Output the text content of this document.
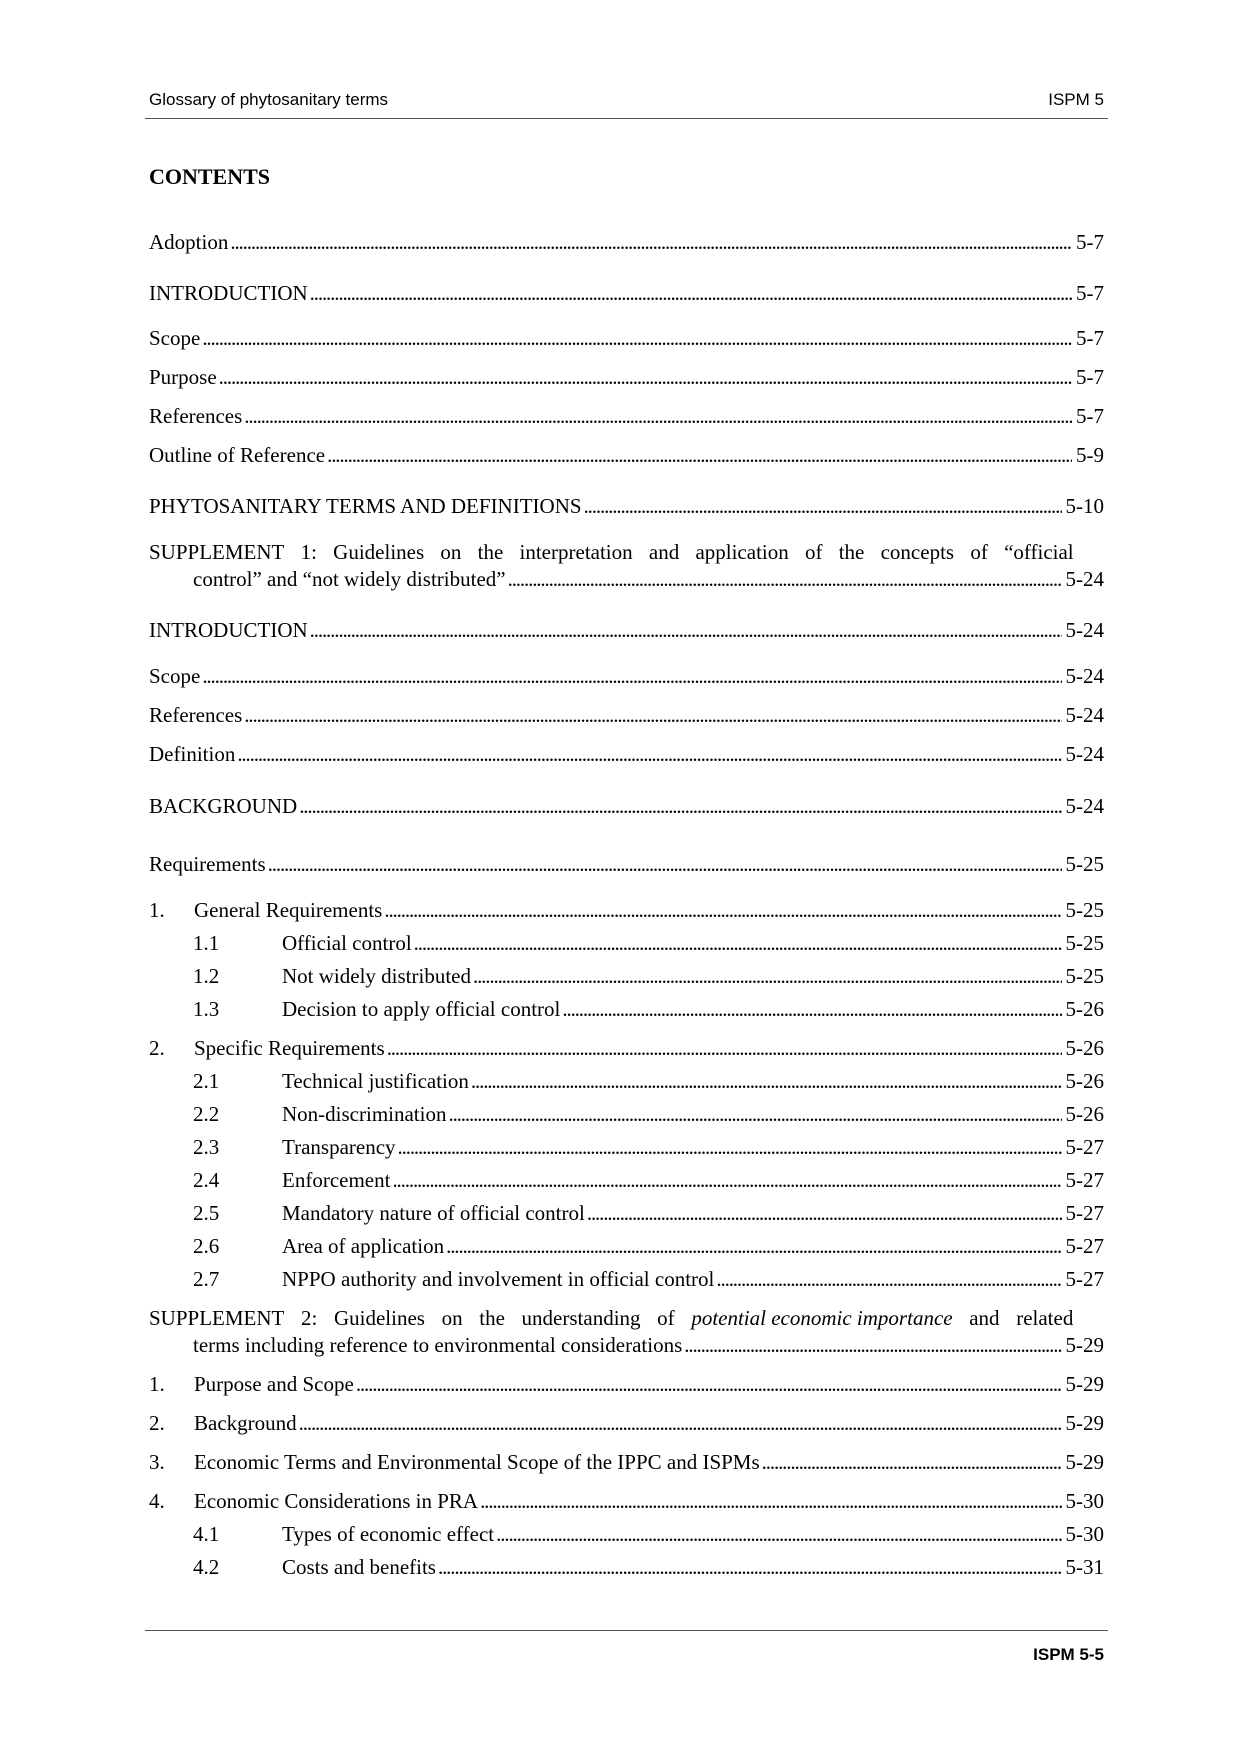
Glossary of phytosanitary terms	ISPM 5
CONTENTS
Adoption . . .	5-7
INTRODUCTION . . .	5-7
Scope . . .	5-7
Purpose . . .	5-7
References . . .	5-7
Outline of Reference . . .	5-9
PHYTOSANITARY TERMS AND DEFINITIONS . . .	5-10
SUPPLEMENT 1: Guidelines on the interpretation and application of the concepts of “official
control” and “not widely distributed” . . .	5-24
INTRODUCTION . . .	5-24
Scope . . .	5-24
References . . .	5-24
Definition . . .	5-24
BACKGROUND . . .	5-24
Requirements . . .	5-25
1.	General Requirements . . .	5-25
1.1	Official control . . .	5-25
1.2	Not widely distributed . . .	5-25
1.3	Decision to apply official control . . .	5-26
2.	Specific Requirements . . .	5-26
2.1	Technical justification . . .	5-26
2.2	Non-discrimination . . .	5-26
2.3	Transparency . . .	5-27
2.4	Enforcement . . .	5-27
2.5	Mandatory nature of official control . . .	5-27
2.6	Area of application . . .	5-27
2.7	NPPO authority and involvement in official control . . .	5-27
SUPPLEMENT 2: Guidelines on the understanding of potential economic importance and related
terms including reference to environmental considerations . . .	5-29
1.	Purpose and Scope . . .	5-29
2.	Background . . .	5-29
3.	Economic Terms and Environmental Scope of the IPPC and ISPMs . . .	5-29
4.	Economic Considerations in PRA . . .	5-30
4.1	Types of economic effect . . .	5-30
4.2	Costs and benefits . . .	5-31
ISPM 5-5
